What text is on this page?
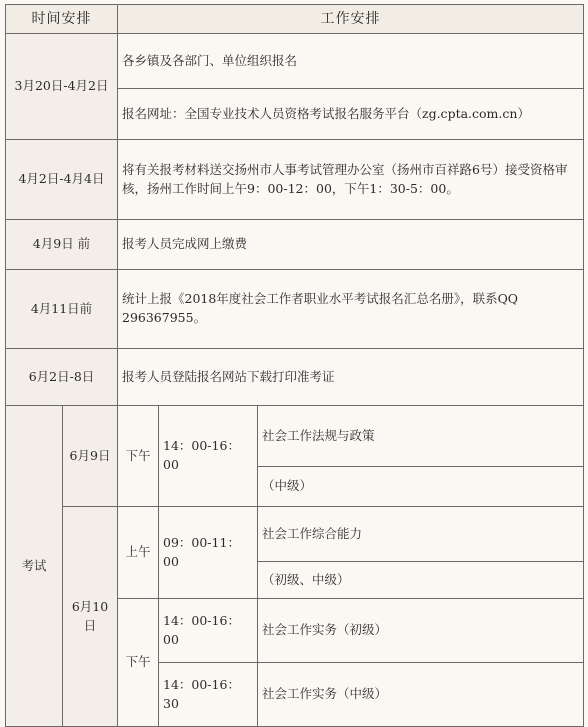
时间安排		工作安排		
3月20日-4月2日		各乡镇及各部门、单位组织报名		
		报名网址：全国专业技术人员资格考试报名服务平台（zg.cpta.com.cn）		
4月2日-4月4日		将有关报考材料送交扬州市人事考试管理办公室（扬州市百祥路6号）接受资格审核，扬州工作时间上午9：00-12：00，下午1：30-5：00。		
4月9日 前		报考人员完成网上缴费		
4月11日前		统计上报《2018年度社会工作者职业水平考试报名汇总名册》，联系QQ 296367955。		
6月2日-8日		报考人员登陆报名网站下载打印准考证		
考试	6月9日	下午	14：00-16：00	社会工作法规与政策
				（中级）
	6月10日	上午	09：00-11：00	社会工作综合能力
				（初级、中级）
		下午	14：00-16：00	社会工作实务（初级）

			14：00-16：30	社会工作实务（中级）
